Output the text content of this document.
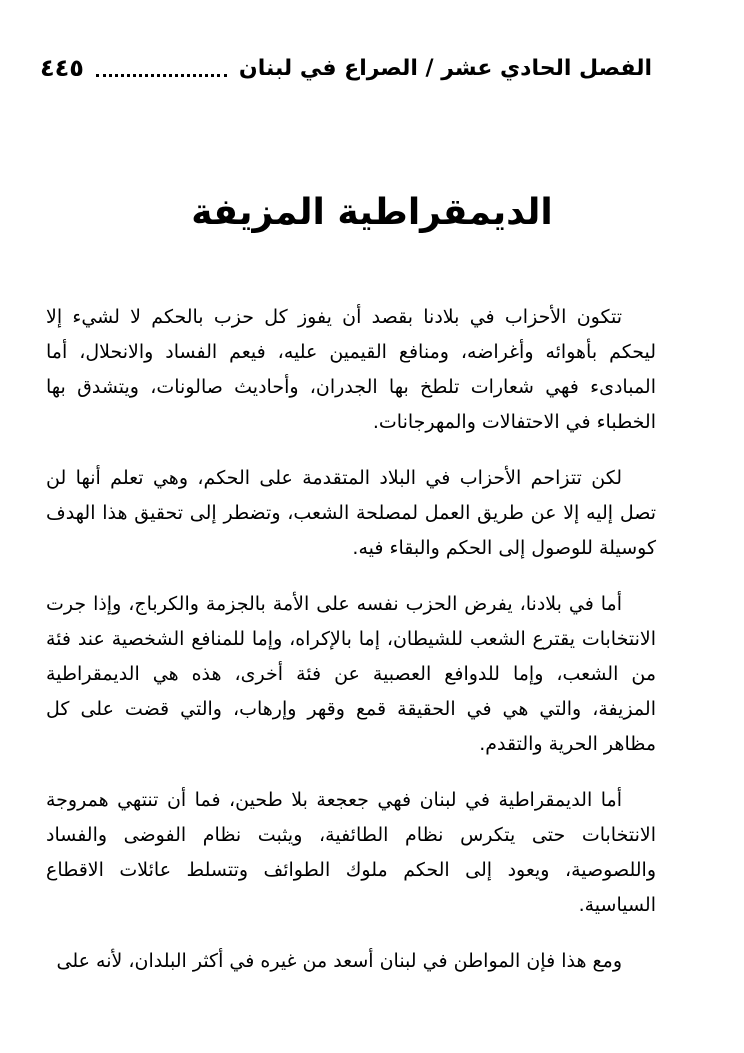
٤٤٥	الفصل الحادي عشر / الصراع في لبنان
الديمقراطية المزيفة

تتكون الأحزاب في بلادنا بقصد أن يفوز كل حزب بالحكم لا لشيء إلا ليحكم بأهوائه وأغراضه، ومنافع القيمين عليه، فيعم الفساد والانحلال، أما المبادىء فهي شعارات تلطخ بها الجدران، وأحاديث صالونات، ويتشدق بها الخطباء في الاحتفالات والمهرجانات.

لكن تتزاحم الأحزاب في البلاد المتقدمة على الحكم، وهي تعلم أنها لن تصل إليه إلا عن طريق العمل لمصلحة الشعب، وتضطر إلى تحقيق هذا الهدف كوسيلة للوصول إلى الحكم والبقاء فيه.

أما في بلادنا، يفرض الحزب نفسه على الأمة بالجزمة والكرباج، وإذا جرت الانتخابات يقترع الشعب للشيطان، إما بالإكراه، وإما للمنافع الشخصية عند فئة من الشعب، وإما للدوافع العصبية عن فئة أخرى، هذه هي الديمقراطية المزيفة، والتي هي في الحقيقة قمع وقهر وإرهاب، والتي قضت على كل مظاهر الحرية والتقدم.

أما الديمقراطية في لبنان فهي جعجعة بلا طحين، فما أن تنتهي همروجة الانتخابات حتى يتكرس نظام الطائفية، ويثبت نظام الفوضى والفساد واللصوصية، ويعود إلى الحكم ملوك الطوائف وتتسلط عائلات الاقطاع السياسية.

ومع هذا فإن المواطن في لبنان أسعد من غيره في أكثر البلدان، لأنه على
